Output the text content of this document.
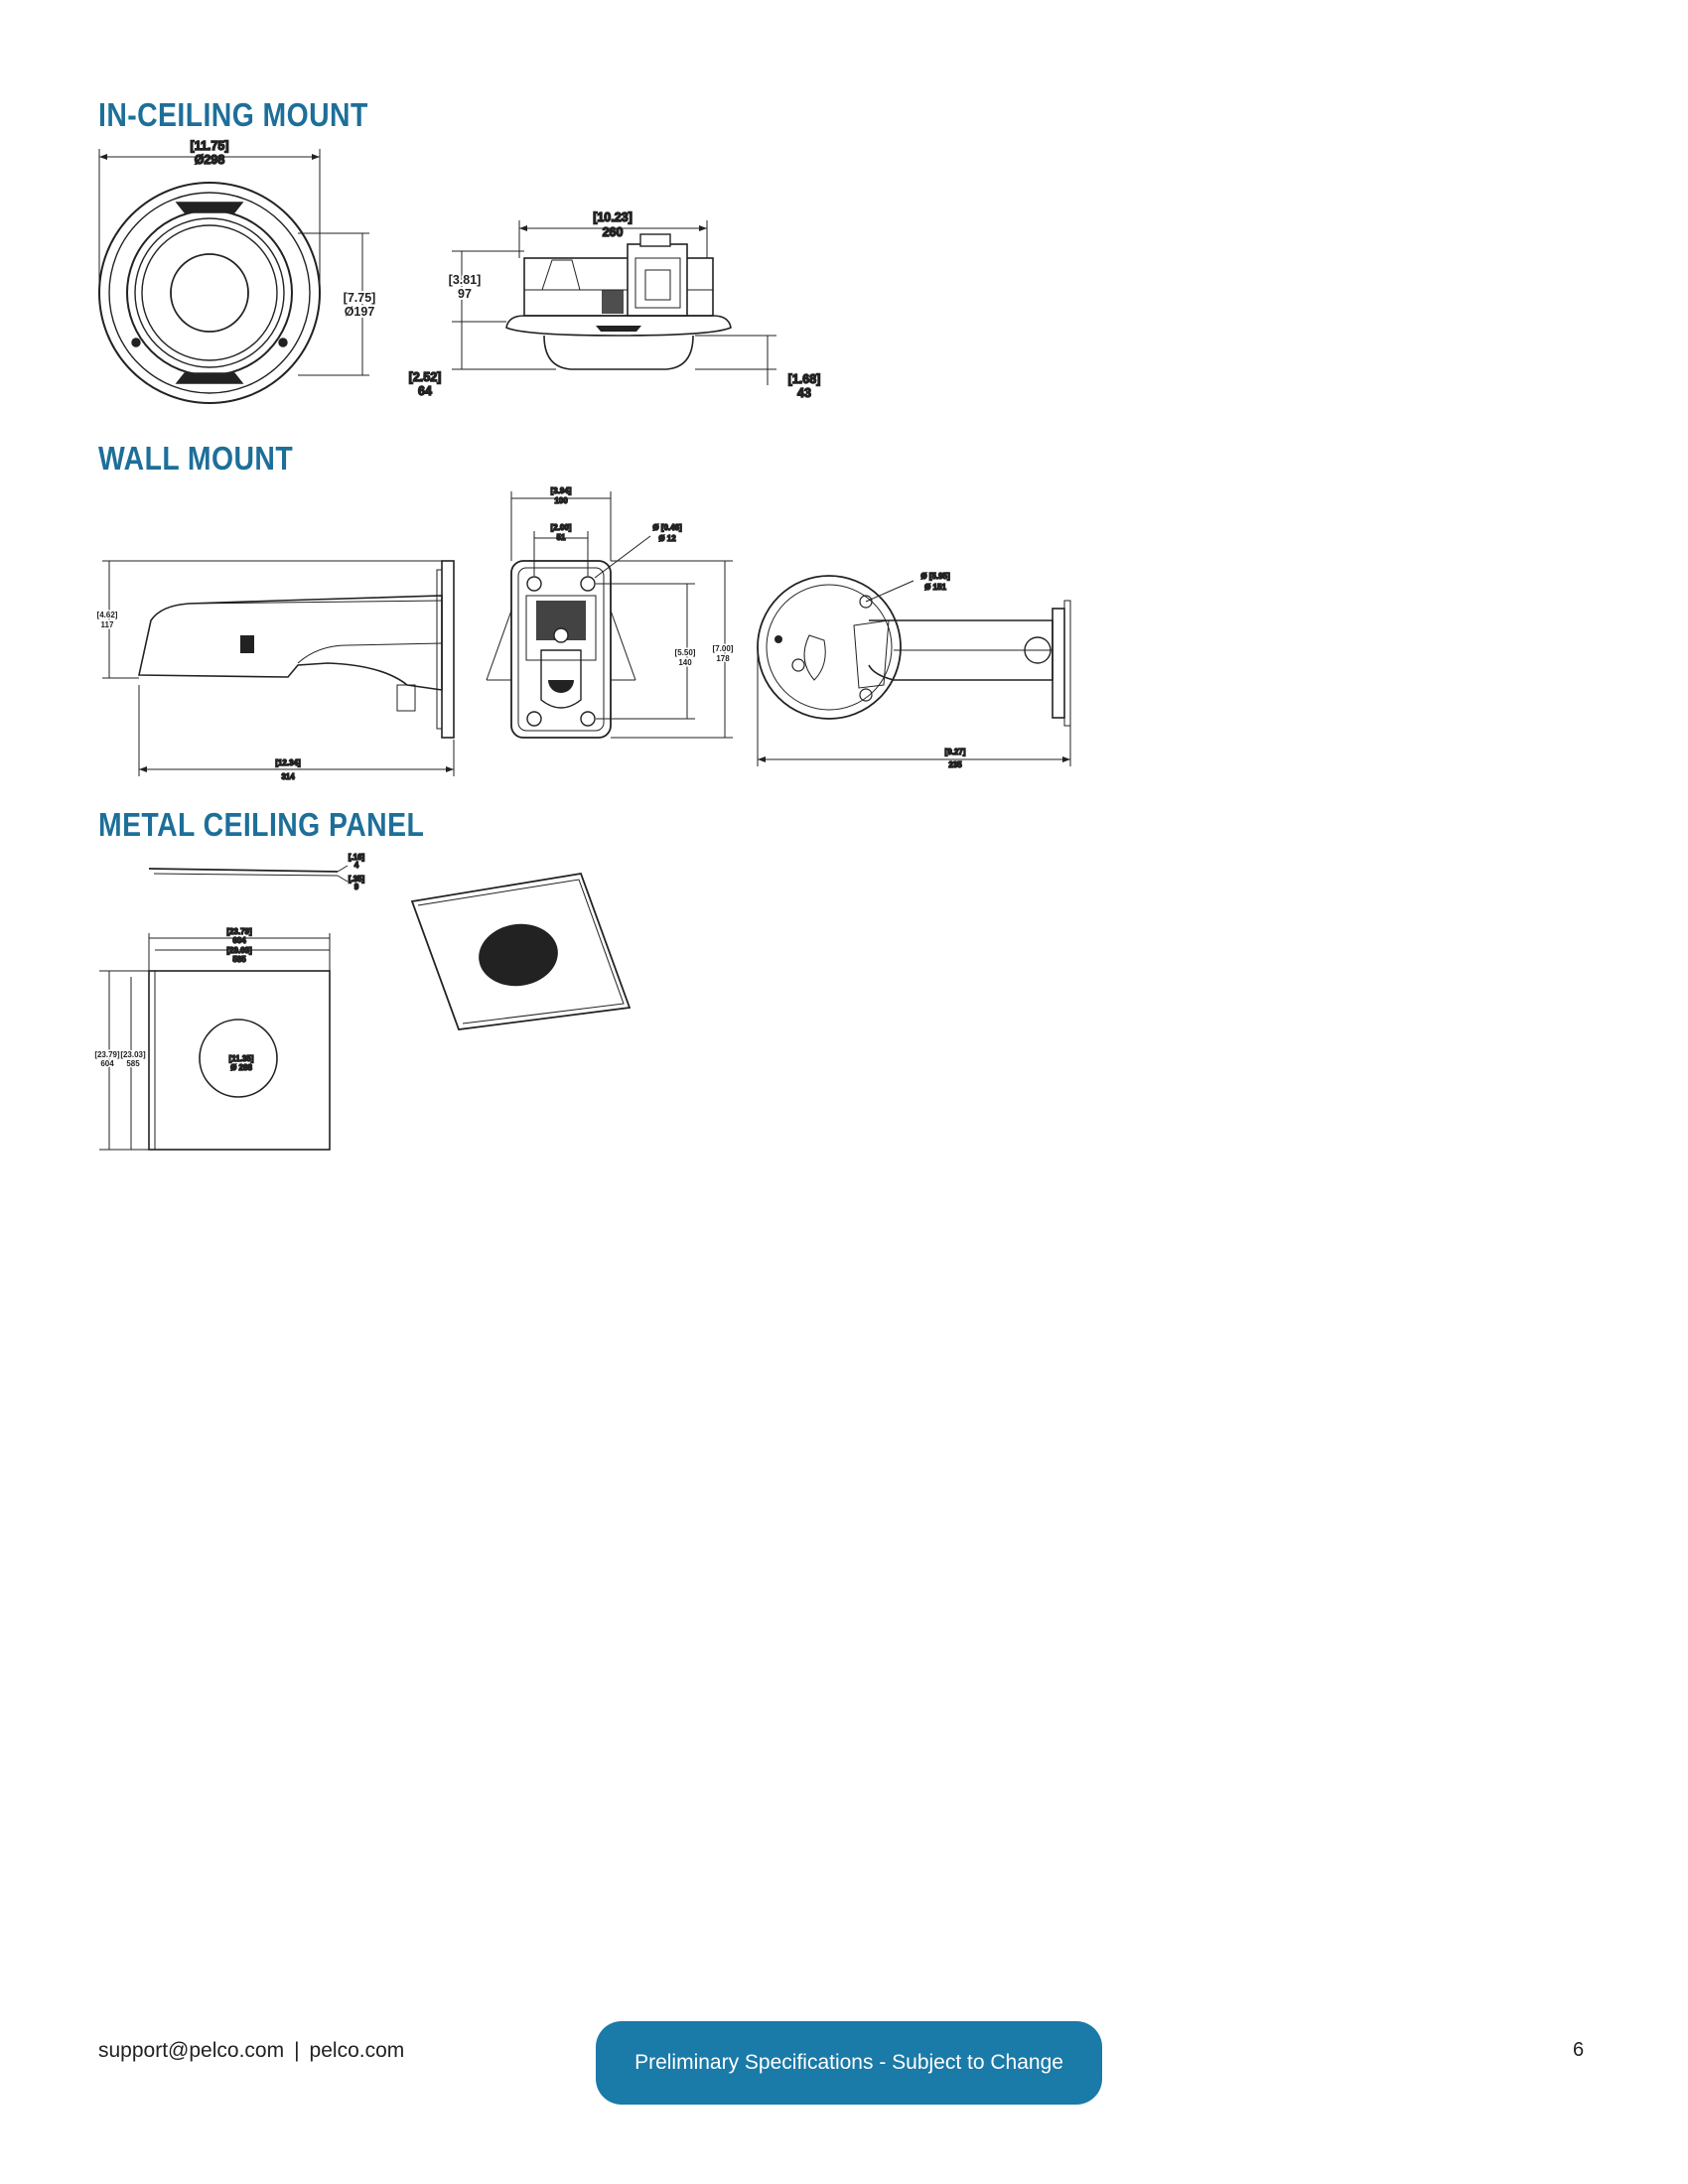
IN-CEILING MOUNT
WALL MOUNT
METAL CEILING PANEL
Pelco
Pelco
[11.75]
Ø298
[7.75]
Ø197
[10.23]
260
[3.81]
97
[2.52]
64
[1.68]
43
[4.62]
117
[12.34]
314
[3.94]
100
[2.00]
51
Ø [0.46]
Ø 12
[5.50]
140
[7.00]
178
Ø [5.95]
Ø 151
[9.27]
235
[.16]
4
[.35]
9
[23.79]
604
[23.03]
585
[23.79]
604
[23.03]
585
[11.35]
Ø 288
support@pelco.com | pelco.com
Preliminary Specifications - Subject to Change
6
